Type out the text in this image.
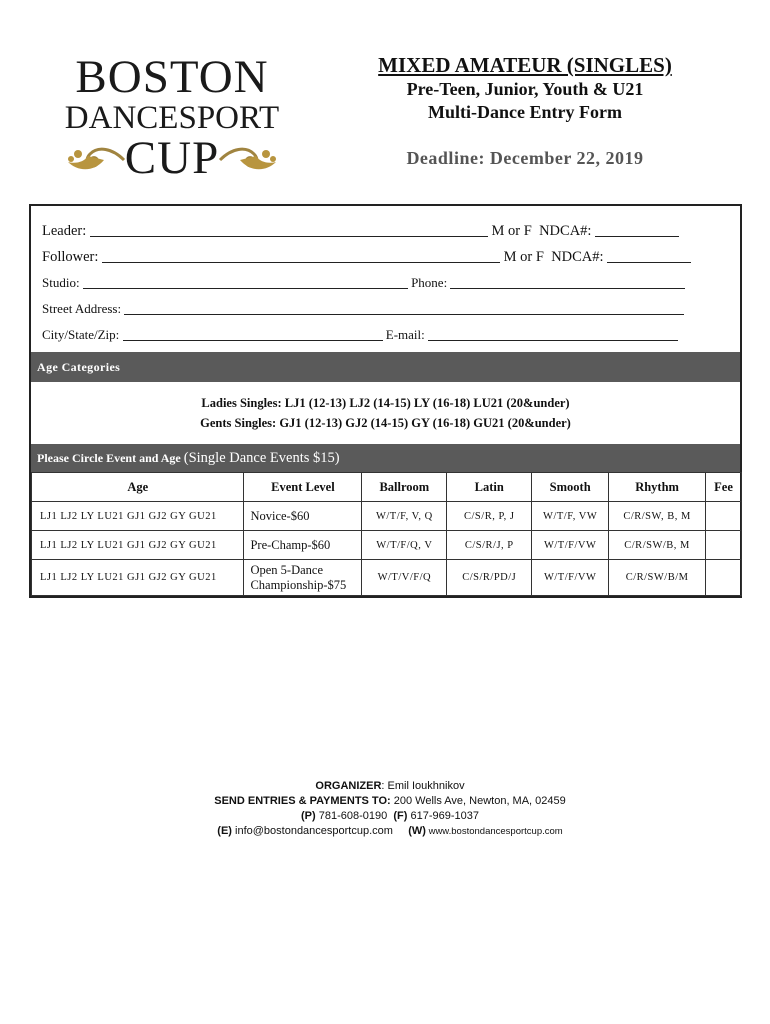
BOSTON
DANCESPORT
CUP
MIXED AMATEUR (SINGLES)
Pre-Teen, Junior, Youth & U21
Multi-Dance Entry Form
Deadline: December 22, 2019
Leader:	M or F NDCA#:
Follower:	M or F NDCA#:
Studio:	Phone:
Street Address:
City/State/Zip:	E-mail:
Age Categories
Ladies Singles: LJ1 (12-13) LJ2 (14-15) LY (16-18) LU21 (20&under)
Gents Singles: GJ1 (12-13) GJ2 (14-15) GY (16-18) GU21 (20&under)
Please Circle Event and Age (Single Dance Events $15)
Age	Event Level	Ballroom	Latin	Smooth	Rhythm	Fee
LJ1 LJ2 LY LU21 GJ1 GJ2 GY GU21	Novice-$60	W/T/F, V, Q	C/S/R, P, J	W/T/F, VW	C/R/SW, B, M	
LJ1 LJ2 LY LU21 GJ1 GJ2 GY GU21	Pre-Champ-$60	W/T/F/Q, V	C/S/R/J, P	W/T/F/VW	C/R/SW/B, M	
LJ1 LJ2 LY LU21 GJ1 GJ2 GY GU21	Open 5-Dance Championship-$75	W/T/V/F/Q	C/S/R/PD/J	W/T/F/VW	C/R/SW/B/M	
ORGANIZER: Emil Ioukhnikov
SEND ENTRIES & PAYMENTS TO: 200 Wells Ave, Newton, MA, 02459
(P) 781-608-0190  (F) 617-969-1037
(E) info@bostondancesportcup.com     (W) www.bostondancesportcup.com
